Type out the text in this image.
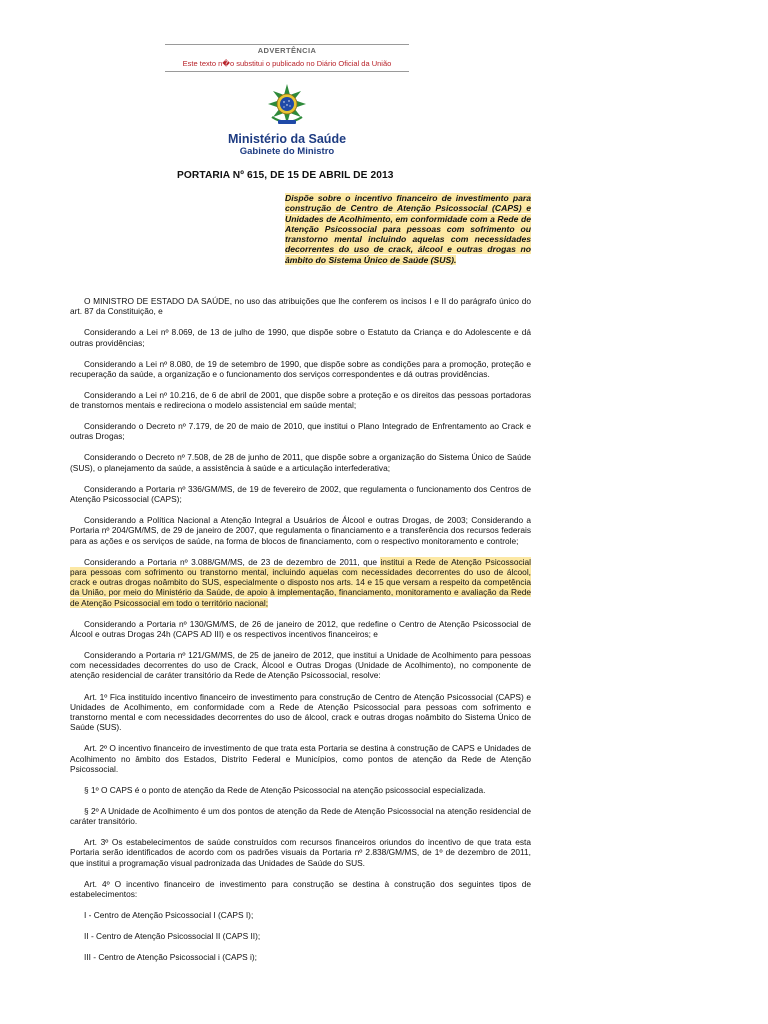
ADVERTÊNCIA
Este texto n�o substitui o publicado no Diário Oficial da União
Ministério da Saúde
Gabinete do Ministro
PORTARIA Nº 615, DE 15 DE ABRIL DE 2013
Dispõe sobre o incentivo financeiro de investimento para construção de Centro de Atenção Psicossocial (CAPS) e Unidades de Acolhimento, em conformidade com a Rede de Atenção Psicossocial para pessoas com sofrimento ou transtorno mental incluindo aquelas com necessidades decorrentes do uso de crack, álcool e outras drogas no âmbito do Sistema Único de Saúde (SUS).

O MINISTRO DE ESTADO DA SAÚDE, no uso das atribuições que lhe conferem os incisos I e II do parágrafo único do art. 87 da Constituição, e

Considerando a Lei nº 8.069, de 13 de julho de 1990, que dispõe sobre o Estatuto da Criança e do Adolescente e dá outras providências;

Considerando a Lei nº 8.080, de 19 de setembro de 1990, que dispõe sobre as condições para a promoção, proteção e recuperação da saúde, a organização e o funcionamento dos serviços correspondentes e dá outras providências.

Considerando a Lei nº 10.216, de 6 de abril de 2001, que dispõe sobre a proteção e os direitos das pessoas portadoras de transtornos mentais e redireciona o modelo assistencial em saúde mental;

Considerando o Decreto nº 7.179, de 20 de maio de 2010, que institui o Plano Integrado de Enfrentamento ao Crack e outras Drogas;

Considerando o Decreto nº 7.508, de 28 de junho de 2011, que dispõe sobre a organização do Sistema Único de Saúde (SUS), o planejamento da saúde, a assistência à saúde e a articulação interfederativa;

Considerando a Portaria nº 336/GM/MS, de 19 de fevereiro de 2002, que regulamenta o funcionamento dos Centros de Atenção Psicossocial (CAPS);

Considerando a Política Nacional a Atenção Integral a Usuários de Álcool e outras Drogas, de 2003; Considerando a Portaria nº 204/GM/MS, de 29 de janeiro de 2007, que regulamenta o financiamento e a transferência dos recursos federais para as ações e os serviços de saúde, na forma de blocos de financiamento, com o respectivo monitoramento e controle;

Considerando a Portaria nº 3.088/GM/MS, de 23 de dezembro de 2011, que institui a Rede de Atenção Psicossocial para pessoas com sofrimento ou transtorno mental, incluindo aquelas com necessidades decorrentes do uso de álcool, crack e outras drogas noâmbito do SUS, especialmente o disposto nos arts. 14 e 15 que versam a respeito da competência da União, por meio do Ministério da Saúde, de apoio à implementação, financiamento, monitoramento e avaliação da Rede de Atenção Psicossocial em todo o território nacional;

Considerando a Portaria nº 130/GM/MS, de 26 de janeiro de 2012, que redefine o Centro de Atenção Psicossocial de Álcool e outras Drogas 24h (CAPS AD III) e os respectivos incentivos financeiros; e

Considerando a Portaria nº 121/GM/MS, de 25 de janeiro de 2012, que institui a Unidade de Acolhimento para pessoas com necessidades decorrentes do uso de Crack, Álcool e Outras Drogas (Unidade de Acolhimento), no componente de atenção residencial de caráter transitório da Rede de Atenção Psicossocial, resolve:

Art. 1º Fica instituído incentivo financeiro de investimento para construção de Centro de Atenção Psicossocial (CAPS) e Unidades de Acolhimento, em conformidade com a Rede de Atenção Psicossocial para pessoas com sofrimento e transtorno mental e com necessidades decorrentes do uso de álcool, crack e outras drogas noâmbito do Sistema Único de Saúde (SUS).

Art. 2º O incentivo financeiro de investimento de que trata esta Portaria se destina à construção de CAPS e Unidades de Acolhimento no âmbito dos Estados, Distrito Federal e Municípios, como pontos de atenção da Rede de Atenção Psicossocial.

§ 1º O CAPS é o ponto de atenção da Rede de Atenção Psicossocial na atenção psicossocial especializada.

§ 2º A Unidade de Acolhimento é um dos pontos de atenção da Rede de Atenção Psicossocial na atenção residencial de caráter transitório.

Art. 3º Os estabelecimentos de saúde construídos com recursos financeiros oriundos do incentivo de que trata esta Portaria serão identificados de acordo com os padrões visuais da Portaria nº 2.838/GM/MS, de 1º de dezembro de 2011, que institui a programação visual padronizada das Unidades de Saúde do SUS.

Art. 4º O incentivo financeiro de investimento para construção se destina à construção dos seguintes tipos de estabelecimentos:

I - Centro de Atenção Psicossocial I (CAPS I);

II - Centro de Atenção Psicossocial II (CAPS II);

III - Centro de Atenção Psicossocial i (CAPS i);
